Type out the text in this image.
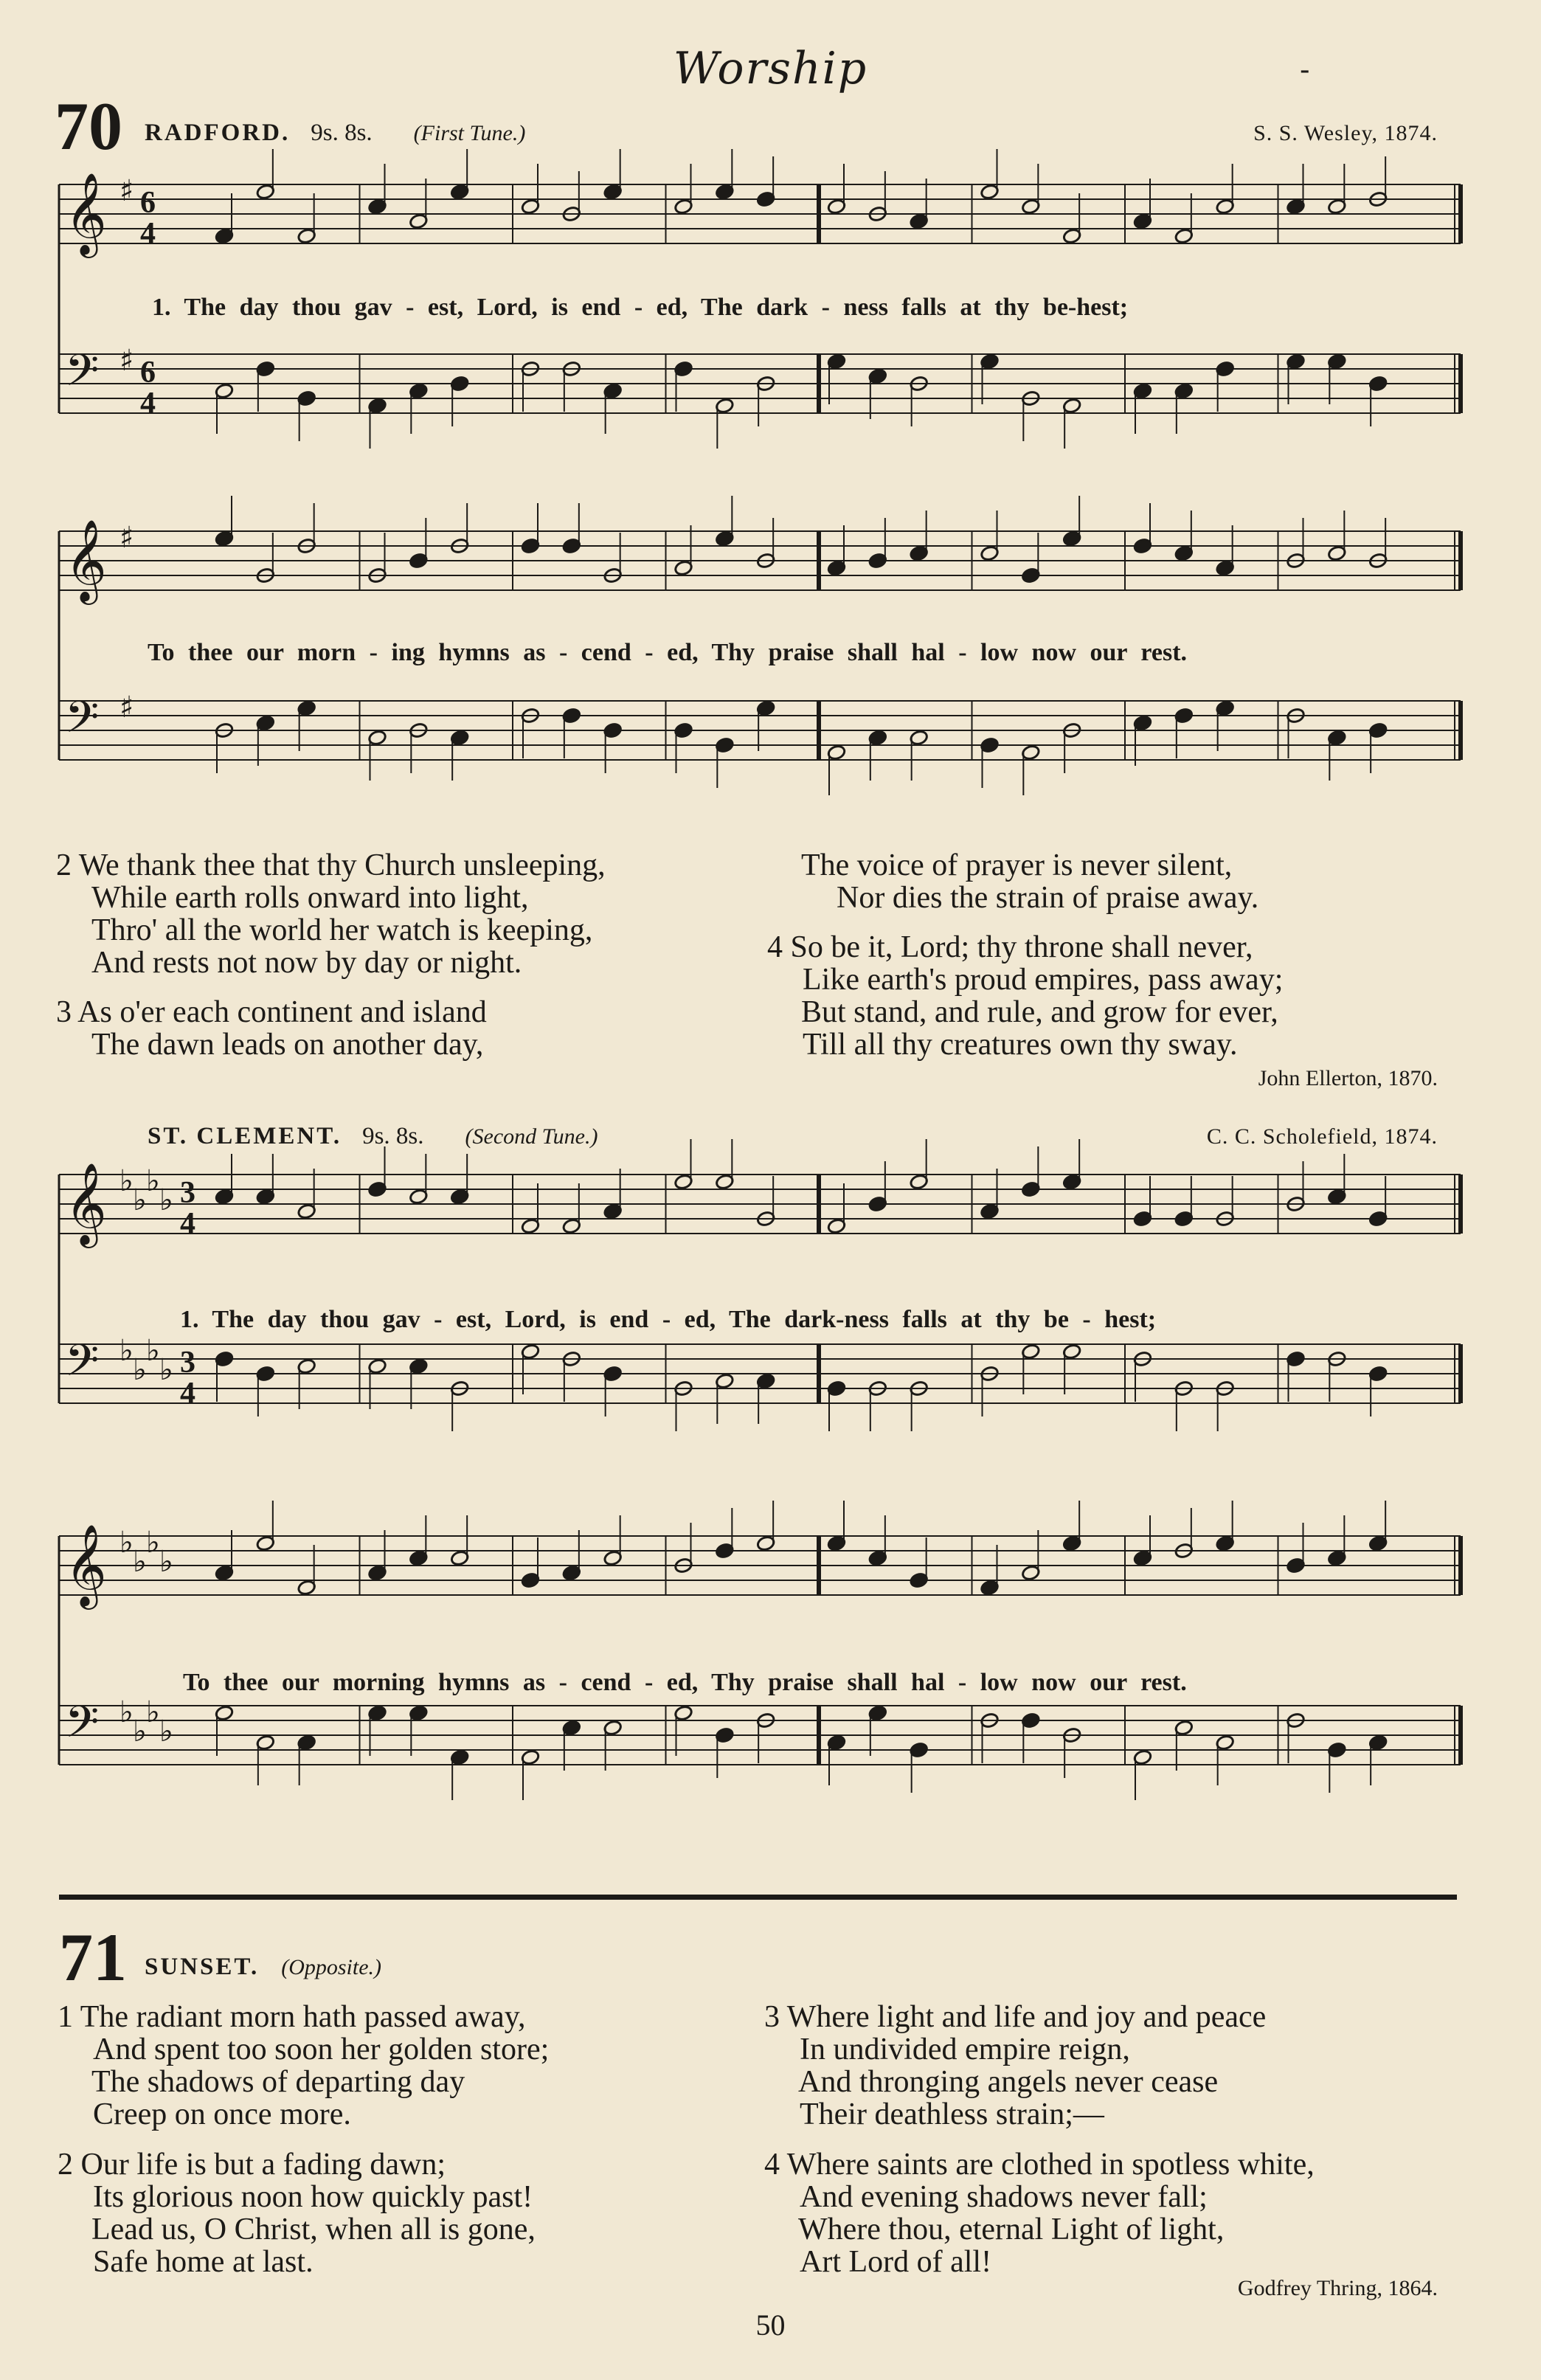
Worship	-
70 RADFORD. 9s. 8s. (First Tune.)	S. S. Wesley, 1874.
𝄞 ♯ 6
4
𝄢 ♯ 6
4
1. The day thou gav - est, Lord, is end - ed, The dark - ness falls at thy be-hest;
𝄞 ♯
𝄢 ♯
To thee our morn - ing hymns as - cend - ed, Thy praise shall hal - low now our rest.
2 We thank thee that thy Church unsleeping,
While earth rolls onward into light,
Thro' all the world her watch is keeping,
And rests not now by day or night.
3 As o'er each continent and island
The dawn leads on another day,
The voice of prayer is never silent,
Nor dies the strain of praise away.
4 So be it, Lord; thy throne shall never,
Like earth's proud empires, pass away;
But stand, and rule, and grow for ever,
Till all thy creatures own thy sway.
John Ellerton, 1870.
ST. CLEMENT. 9s. 8s. (Second Tune.)	C. C. Scholefield, 1874.
𝄞 ♭
♭
♭
♭ 3
4
𝄢 ♭
♭
♭
♭ 3
4
1. The day thou gav - est, Lord, is end - ed, The dark-ness falls at thy be - hest;
𝄞 ♭
♭
♭
♭
𝄢 ♭
♭
♭
♭
To thee our morning hymns as - cend - ed, Thy praise shall hal - low now our rest.
71 SUNSET. (Opposite.)
1 The radiant morn hath passed away,
And spent too soon her golden store;
The shadows of departing day
Creep on once more.
2 Our life is but a fading dawn;
Its glorious noon how quickly past!
Lead us, O Christ, when all is gone,
Safe home at last.
3 Where light and life and joy and peace
In undivided empire reign,
And thronging angels never cease
Their deathless strain;—
4 Where saints are clothed in spotless white,
And evening shadows never fall;
Where thou, eternal Light of light,
Art Lord of all!
Godfrey Thring, 1864.
50
